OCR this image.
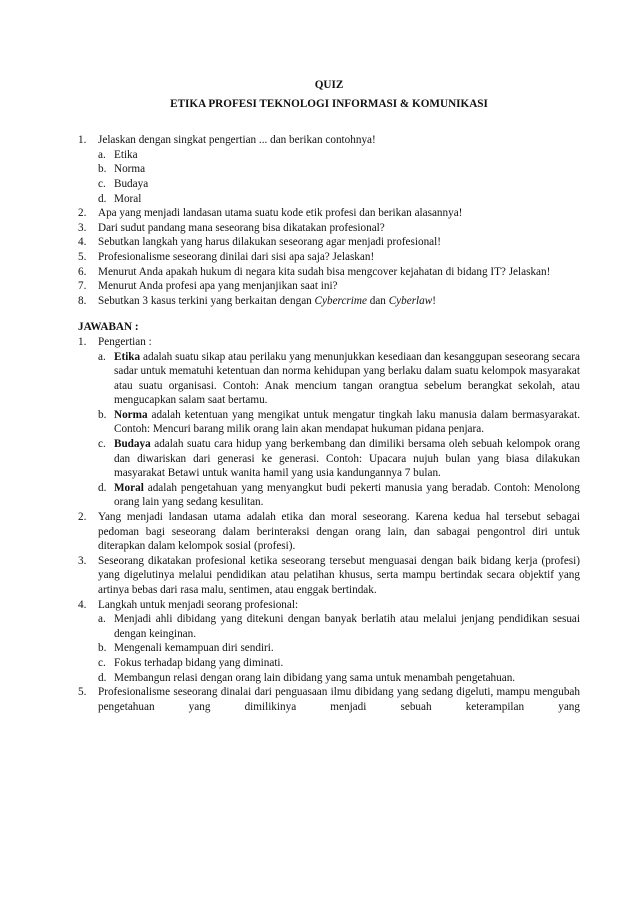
QUIZ

ETIKA PROFESI TEKNOLOGI INFORMASI & KOMUNIKASI

1.	Jelaskan dengan singkat pengertian ... dan berikan contohnya!
a. Etika
b. Norma
c. Budaya
d. Moral
2.	Apa yang menjadi landasan utama suatu kode etik profesi dan berikan alasannya!
3.	Dari sudut pandang mana seseorang bisa dikatakan profesional?
4.	Sebutkan langkah yang harus dilakukan seseorang agar menjadi profesional!
5.	Profesionalisme seseorang dinilai dari sisi apa saja? Jelaskan!
6.	Menurut Anda apakah hukum di negara kita sudah bisa mengcover kejahatan di bidang IT? Jelaskan!
7.	Menurut Anda profesi apa yang menjanjikan saat ini?
8.	Sebutkan 3 kasus terkini yang berkaitan dengan Cybercrime dan Cyberlaw!
JAWABAN :
1.	Pengertian :
a. Etika adalah suatu sikap atau perilaku yang menunjukkan kesediaan dan kesanggupan seseorang secara sadar untuk mematuhi ketentuan dan norma kehidupan yang berlaku dalam suatu kelompok masyarakat atau suatu organisasi. Contoh: Anak mencium tangan orangtua sebelum berangkat sekolah, atau mengucapkan salam saat bertamu.
b. Norma adalah ketentuan yang mengikat untuk mengatur tingkah laku manusia dalam bermasyarakat. Contoh: Mencuri barang milik orang lain akan mendapat hukuman pidana penjara.
c. Budaya adalah suatu cara hidup yang berkembang dan dimiliki bersama oleh sebuah kelompok orang dan diwariskan dari generasi ke generasi. Contoh: Upacara nujuh bulan yang biasa dilakukan masyarakat Betawi untuk wanita hamil yang usia kandungannya 7 bulan.
d. Moral adalah pengetahuan yang menyangkut budi pekerti manusia yang beradab. Contoh: Menolong orang lain yang sedang kesulitan.
2.	Yang menjadi landasan utama adalah etika dan moral seseorang. Karena kedua hal tersebut sebagai pedoman bagi seseorang dalam berinteraksi dengan orang lain, dan sabagai pengontrol diri untuk diterapkan dalam kelompok sosial (profesi).
3.	Seseorang dikatakan profesional ketika seseorang tersebut menguasai dengan baik bidang kerja (profesi) yang digelutinya melalui pendidikan atau pelatihan khusus, serta mampu bertindak secara objektif yang artinya bebas dari rasa malu, sentimen, atau enggak bertindak.
4.	Langkah untuk menjadi seorang profesional:
a. Menjadi ahli dibidang yang ditekuni dengan banyak berlatih atau melalui jenjang pendidikan sesuai dengan keinginan.
b. Mengenali kemampuan diri sendiri.
c. Fokus terhadap bidang yang diminati.
d. Membangun relasi dengan orang lain dibidang yang sama untuk menambah pengetahuan.
5.	Profesionalisme seseorang dinalai dari penguasaan ilmu dibidang yang sedang digeluti, mampu mengubah pengetahuan yang dimilikinya menjadi sebuah keterampilan yang
